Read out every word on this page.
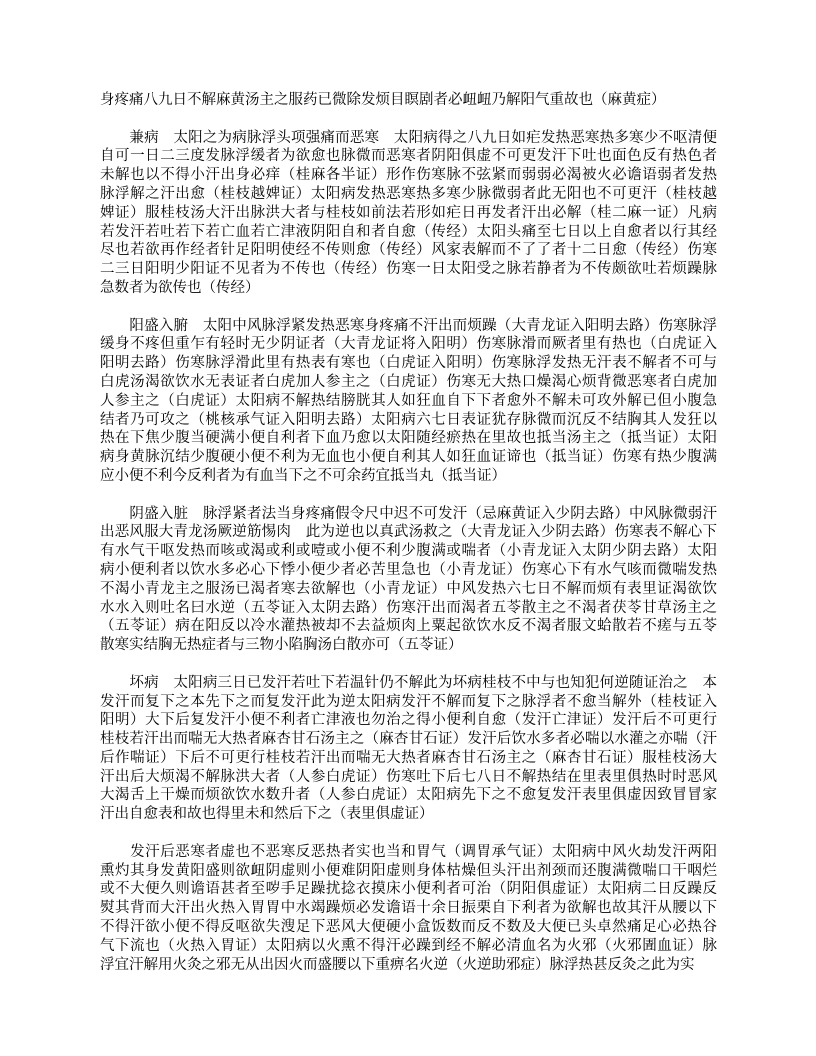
身疼痛八九日不解麻黄汤主之服药已微除发烦目瞑剧者必衄衄乃解阳气重故也（麻黄症）
　　兼病　太阳之为病脉浮头项强痛而恶寒　太阳病得之八九日如疟发热恶寒热多寒少不呕清便
自可一日二三度发脉浮缓者为欲愈也脉微而恶寒者阴阳俱虚不可更发汗下吐也面色反有热色者
未解也以不得小汗出身必痒（桂麻各半证）形作伤寒脉不弦紧而弱弱必渴被火必谵语弱者发热
脉浮解之汗出愈（桂枝越婢证）太阳病发热恶寒热多寒少脉微弱者此无阳也不可更汗（桂枝越
婢证）服桂枝汤大汗出脉洪大者与桂枝如前法若形如疟日再发者汗出必解（桂二麻一证）凡病
若发汗若吐若下若亡血若亡津液阴阳自和者自愈（传经）太阳头痛至七日以上自愈者以行其经
尽也若欲再作经者针足阳明使经不传则愈（传经）风家表解而不了了者十二日愈（传经）伤寒
二三日阳明少阳证不见者为不传也（传经）伤寒一日太阳受之脉若静者为不传颇欲吐若烦躁脉
急数者为欲传也（传经）
　　阳盛入腑　太阳中风脉浮紧发热恶寒身疼痛不汗出而烦躁（大青龙证入阳明去路）伤寒脉浮
缓身不疼但重乍有轻时无少阴证者（大青龙证将入阳明）伤寒脉滑而厥者里有热也（白虎证入
阳明去路）伤寒脉浮滑此里有热表有寒也（白虎证入阳明）伤寒脉浮发热无汗表不解者不可与
白虎汤渴欲饮水无表证者白虎加人参主之（白虎证）伤寒无大热口燥渴心烦背微恶寒者白虎加
人参主之（白虎证）太阳病不解热结膀胱其人如狂血自下下者愈外不解未可攻外解已但小腹急
结者乃可攻之（桃核承气证入阳明去路）太阳病六七日表证犹存脉微而沉反不结胸其人发狂以
热在下焦少腹当硬满小便自利者下血乃愈以太阳随经瘀热在里故也抵当汤主之（抵当证）太阳
病身黄脉沉结少腹硬小便不利为无血也小便自利其人如狂血证谛也（抵当证）伤寒有热少腹满
应小便不利今反利者为有血当下之不可余药宜抵当丸（抵当证）
　　阴盛入脏　脉浮紧者法当身疼痛假令尺中迟不可发汗（忌麻黄证入少阴去路）中风脉微弱汗
出恶风服大青龙汤厥逆筋惕肉　此为逆也以真武汤救之（大青龙证入少阴去路）伤寒表不解心下
有水气干呕发热而咳或渴或利或噎或小便不利少腹满或喘者（小青龙证入太阴少阴去路）太阳
病小便利者以饮水多必心下悸小便少者必苦里急也（小青龙证）伤寒心下有水气咳而微喘发热
不渴小青龙主之服汤已渴者寒去欲解也（小青龙证）中风发热六七日不解而烦有表里证渴欲饮
水水入则吐名曰水逆（五苓证入太阴去路）伤寒汗出而渴者五苓散主之不渴者茯苓甘草汤主之
（五苓证）病在阳反以冷水灌热被却不去益烦肉上粟起欲饮水反不渴者服文蛤散若不瘥与五苓
散寒实结胸无热症者与三物小陷胸汤白散亦可（五苓证）
　　坏病　太阳病三日已发汗若吐下若温针仍不解此为坏病桂枝不中与也知犯何逆随证治之　本
发汗而复下之本先下之而复发汗此为逆太阳病发汗不解而复下之脉浮者不愈当解外（桂枝证入
阳明）大下后复发汗小便不利者亡津液也勿治之得小便利自愈（发汗亡津证）发汗后不可更行
桂枝若汗出而喘无大热者麻杏甘石汤主之（麻杏甘石证）发汗后饮水多者必喘以水灌之亦喘（汗
后作喘证）下后不可更行桂枝若汗出而喘无大热者麻杏甘石汤主之（麻杏甘石证）服桂枝汤大
汗出后大烦渴不解脉洪大者（人参白虎证）伤寒吐下后七八日不解热结在里表里俱热时时恶风
大渴舌上干燥而烦欲饮水数升者（人参白虎证）太阳病先下之不愈复发汗表里俱虚因致冒冒家
汗出自愈表和故也得里未和然后下之（表里俱虚证）
　　发汗后恶寒者虚也不恶寒反恶热者实也当和胃气（调胃承气证）太阳病中风火劫发汗两阳
熏灼其身发黄阳盛则欲衄阴虚则小便难阴阳虚则身体枯燥但头汗出剂颈而还腹满微喘口干咽烂
或不大便久则谵语甚者至哕手足躁扰捻衣摸床小便利者可治（阴阳俱虚证）太阳病二日反躁反
熨其背而大汗出火热入胃胃中水竭躁烦必发谵语十余日振栗自下利者为欲解也故其汗从腰以下
不得汗欲小便不得反呕欲失溲足下恶风大便硬小盒饭数而反不数及大便已头卓然痛足心必热谷
气下流也（火热入胃证）太阳病以火熏不得汗必躁到经不解必清血名为火邪（火邪圊血证）脉
浮宜汗解用火灸之邪无从出因火而盛腰以下重痹名火逆（火逆助邪症）脉浮热甚反灸之此为实
